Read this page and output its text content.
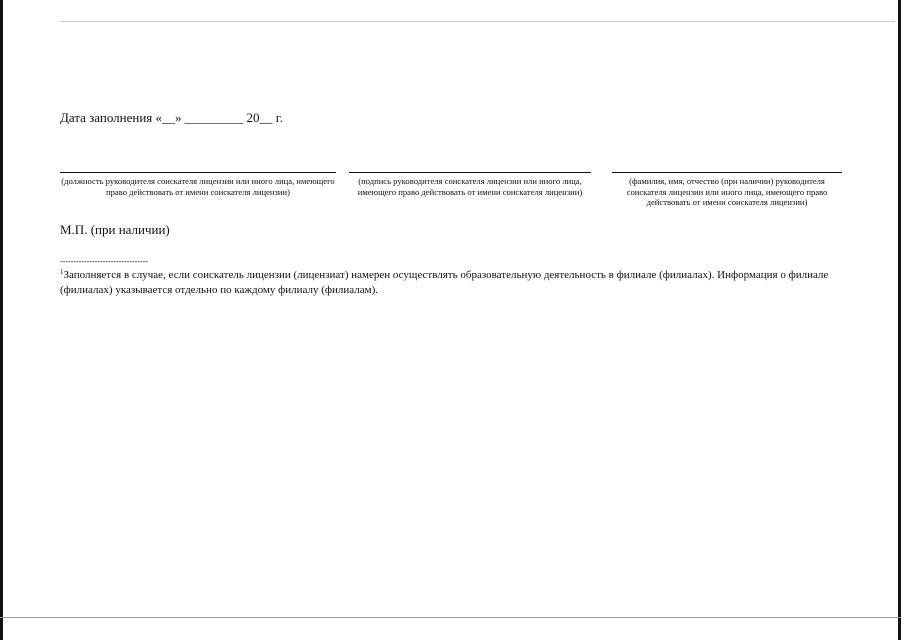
Дата заполнения «__» _________ 20__ г.
(должность руководителя соискателя лицензии или иного лица, имеющего право действовать от имени соискателя лицензии)
(подпись руководителя соискателя лицензии или иного лица, имеющего право действовать от имени соискателя лицензии)
(фамилия, имя, отчество (при наличии) руководителя соискателя лицензии или иного лица, имеющего право действовать от имени соискателя лицензии)
М.П. (при наличии)
---------------------------------
$^1$Заполняется в случае, если соискатель лицензии (лицензиат) намерен осуществлять образовательную деятельность в филиале (филиалах). Информация о филиале (филиалах) указывается отдельно по каждому филиалу (филиалам).
